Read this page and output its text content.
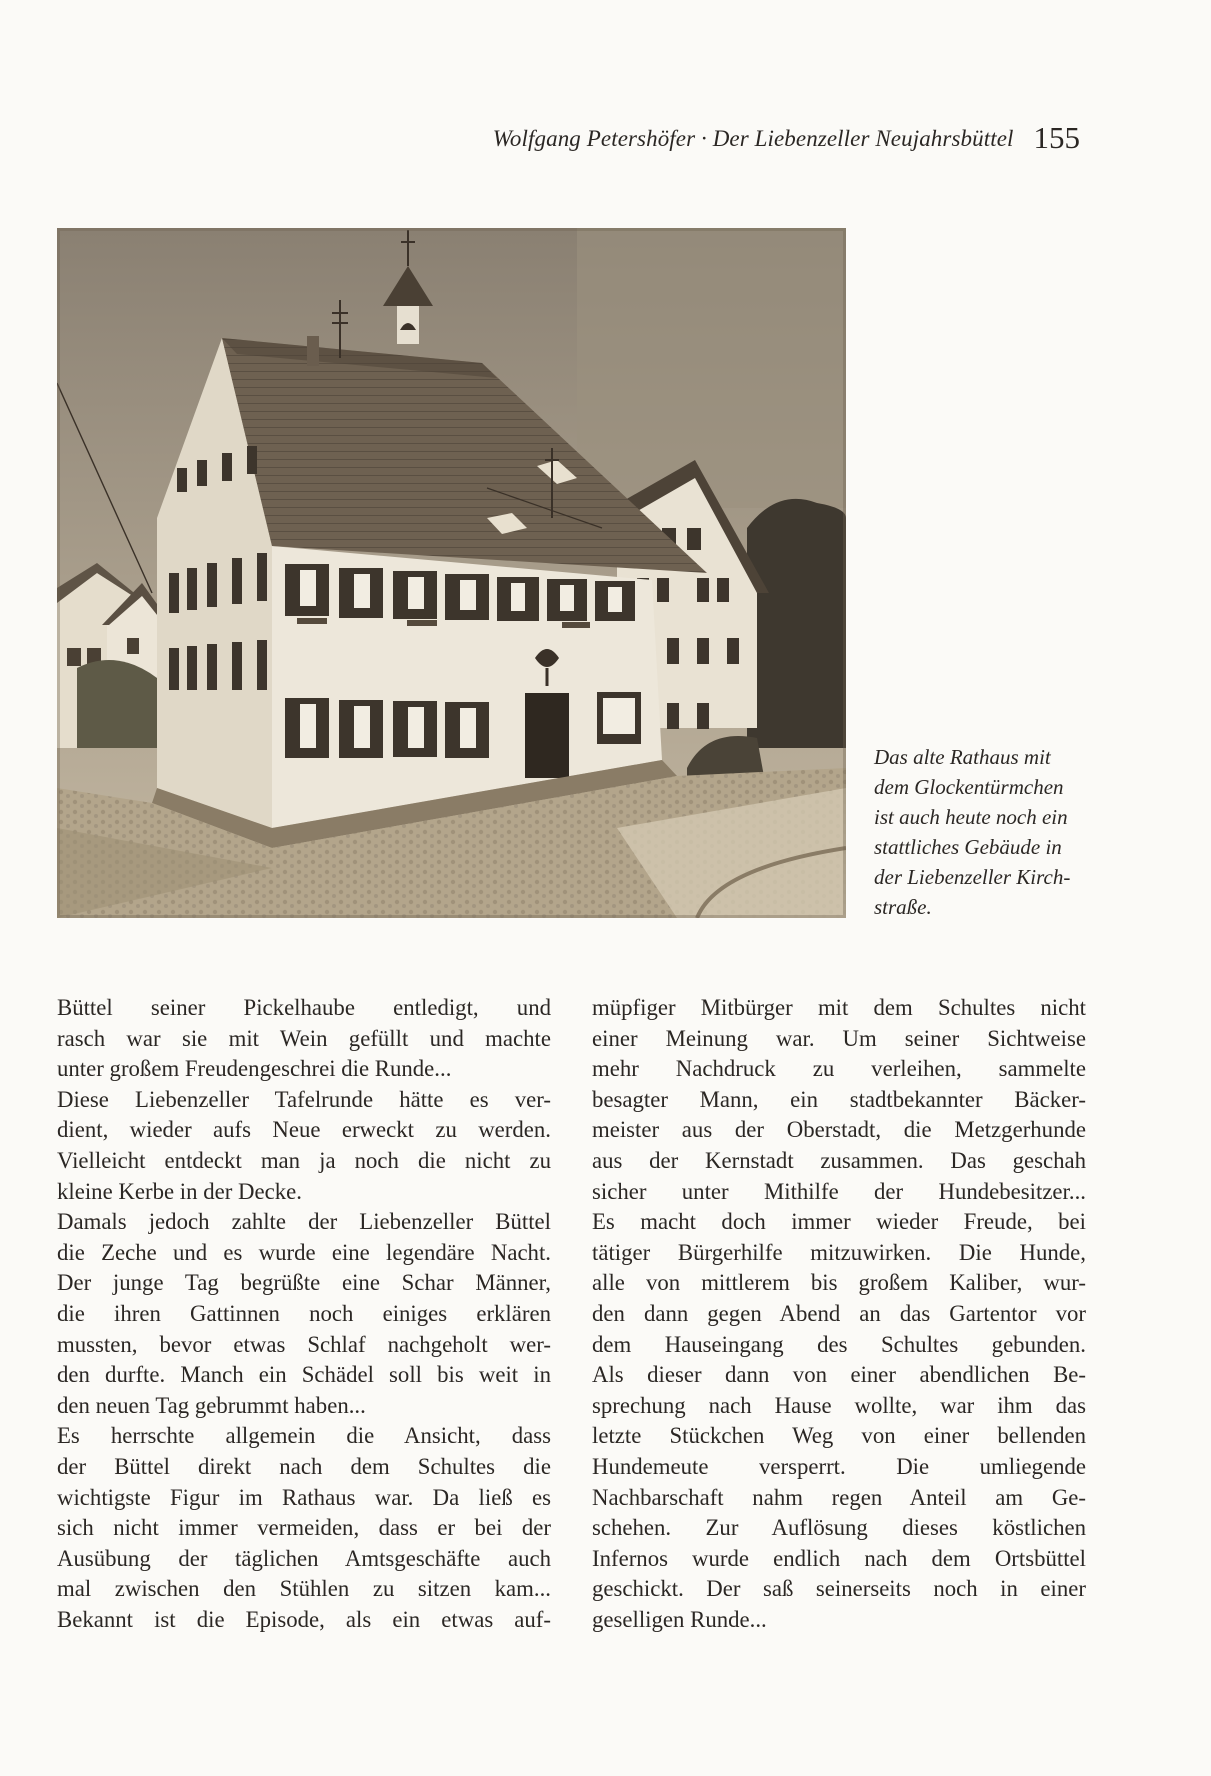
Wolfgang Petershöfer · Der Liebenzeller Neujahrsbüttel 155
Das alte Rathaus mit
dem Glockentürmchen
ist auch heute noch ein
stattliches Gebäude in
der Liebenzeller Kirch-
straße.
Büttel seiner Pickelhaube entledigt, und
rasch war sie mit Wein gefüllt und machte
unter großem Freudengeschrei die Runde...
Diese Liebenzeller Tafelrunde hätte es ver-
dient, wieder aufs Neue erweckt zu werden.
Vielleicht entdeckt man ja noch die nicht zu
kleine Kerbe in der Decke.
Damals jedoch zahlte der Liebenzeller Büttel
die Zeche und es wurde eine legendäre Nacht.
Der junge Tag begrüßte eine Schar Männer,
die ihren Gattinnen noch einiges erklären
mussten, bevor etwas Schlaf nachgeholt wer-
den durfte. Manch ein Schädel soll bis weit in
den neuen Tag gebrummt haben...
Es herrschte allgemein die Ansicht, dass
der Büttel direkt nach dem Schultes die
wichtigste Figur im Rathaus war. Da ließ es
sich nicht immer vermeiden, dass er bei der
Ausübung der täglichen Amtsgeschäfte auch
mal zwischen den Stühlen zu sitzen kam...
Bekannt ist die Episode, als ein etwas auf-
müpfiger Mitbürger mit dem Schultes nicht
einer Meinung war. Um seiner Sichtweise
mehr Nachdruck zu verleihen, sammelte
besagter Mann, ein stadtbekannter Bäcker-
meister aus der Oberstadt, die Metzgerhunde
aus der Kernstadt zusammen. Das geschah
sicher unter Mithilfe der Hundebesitzer...
Es macht doch immer wieder Freude, bei
tätiger Bürgerhilfe mitzuwirken. Die Hunde,
alle von mittlerem bis großem Kaliber, wur-
den dann gegen Abend an das Gartentor vor
dem Hauseingang des Schultes gebunden.
Als dieser dann von einer abendlichen Be-
sprechung nach Hause wollte, war ihm das
letzte Stückchen Weg von einer bellenden
Hundemeute versperrt. Die umliegende
Nachbarschaft nahm regen Anteil am Ge-
schehen. Zur Auflösung dieses köstlichen
Infernos wurde endlich nach dem Ortsbüttel
geschickt. Der saß seinerseits noch in einer
geselligen Runde...
